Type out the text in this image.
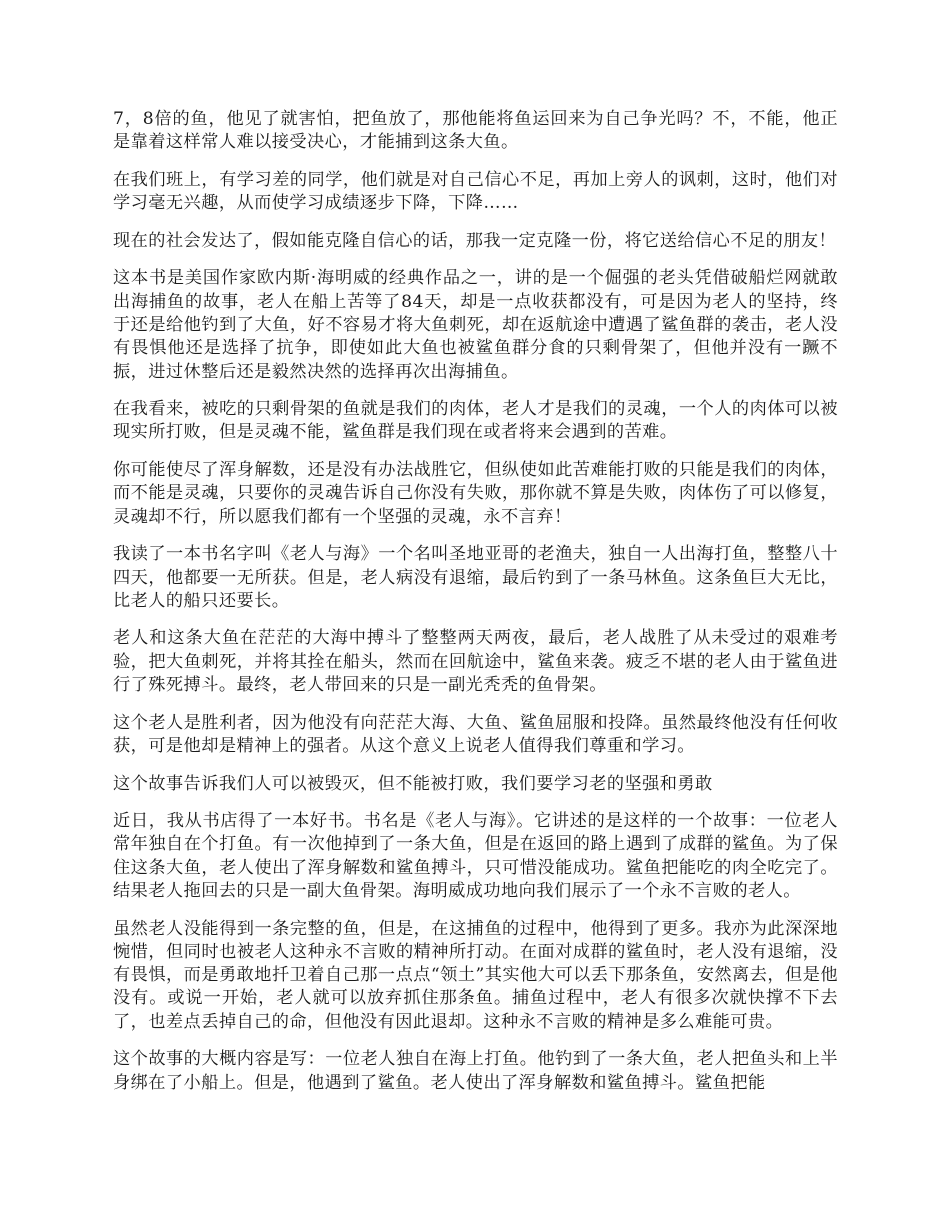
7，8倍的鱼，他见了就害怕，把鱼放了，那他能将鱼运回来为自己争光吗？不，不能，他正是靠着这样常人难以接受决心，才能捕到这条大鱼。

在我们班上，有学习差的同学，他们就是对自己信心不足，再加上旁人的讽刺，这时，他们对学习毫无兴趣，从而使学习成绩逐步下降，下降……

现在的社会发达了，假如能克隆自信心的话，那我一定克隆一份，将它送给信心不足的朋友！

这本书是美国作家欧内斯·海明威的经典作品之一，讲的是一个倔强的老头凭借破船烂网就敢出海捕鱼的故事，老人在船上苦等了84天，却是一点收获都没有，可是因为老人的坚持，终于还是给他钓到了大鱼，好不容易才将大鱼刺死，却在返航途中遭遇了鲨鱼群的袭击，老人没有畏惧他还是选择了抗争，即使如此大鱼也被鲨鱼群分食的只剩骨架了，但他并没有一蹶不振，进过休整后还是毅然决然的选择再次出海捕鱼。

在我看来，被吃的只剩骨架的鱼就是我们的肉体，老人才是我们的灵魂，一个人的肉体可以被现实所打败，但是灵魂不能，鲨鱼群是我们现在或者将来会遇到的苦难。

你可能使尽了浑身解数，还是没有办法战胜它，但纵使如此苦难能打败的只能是我们的肉体，而不能是灵魂，只要你的灵魂告诉自己你没有失败，那你就不算是失败，肉体伤了可以修复，灵魂却不行，所以愿我们都有一个坚强的灵魂，永不言弃！

我读了一本书名字叫《老人与海》一个名叫圣地亚哥的老渔夫，独自一人出海打鱼，整整八十四天，他都要一无所获。但是，老人病没有退缩，最后钓到了一条马林鱼。这条鱼巨大无比，比老人的船只还要长。

老人和这条大鱼在茫茫的大海中搏斗了整整两天两夜，最后，老人战胜了从未受过的艰难考验，把大鱼刺死，并将其拴在船头，然而在回航途中，鲨鱼来袭。疲乏不堪的老人由于鲨鱼进行了殊死搏斗。最终，老人带回来的只是一副光秃秃的鱼骨架。

这个老人是胜利者，因为他没有向茫茫大海、大鱼、鲨鱼屈服和投降。虽然最终他没有任何收获，可是他却是精神上的强者。从这个意义上说老人值得我们尊重和学习。

这个故事告诉我们人可以被毁灭，但不能被打败，我们要学习老的坚强和勇敢

近日，我从书店得了一本好书。书名是《老人与海》。它讲述的是这样的一个故事：一位老人常年独自在个打鱼。有一次他掉到了一条大鱼，但是在返回的路上遇到了成群的鲨鱼。为了保住这条大鱼，老人使出了浑身解数和鲨鱼搏斗，只可惜没能成功。鲨鱼把能吃的肉全吃完了。结果老人拖回去的只是一副大鱼骨架。海明威成功地向我们展示了一个永不言败的老人。

虽然老人没能得到一条完整的鱼，但是，在这捕鱼的过程中，他得到了更多。我亦为此深深地惋惜，但同时也被老人这种永不言败的精神所打动。在面对成群的鲨鱼时，老人没有退缩，没有畏惧，而是勇敢地扦卫着自己那一点点“领土”其实他大可以丢下那条鱼，安然离去，但是他没有。或说一开始，老人就可以放弃抓住那条鱼。捕鱼过程中，老人有很多次就快撑不下去了，也差点丢掉自己的命，但他没有因此退却。这种永不言败的精神是多么难能可贵。

这个故事的大概内容是写：一位老人独自在海上打鱼。他钓到了一条大鱼，老人把鱼头和上半身绑在了小船上。但是，他遇到了鲨鱼。老人使出了浑身解数和鲨鱼搏斗。鲨鱼把能
